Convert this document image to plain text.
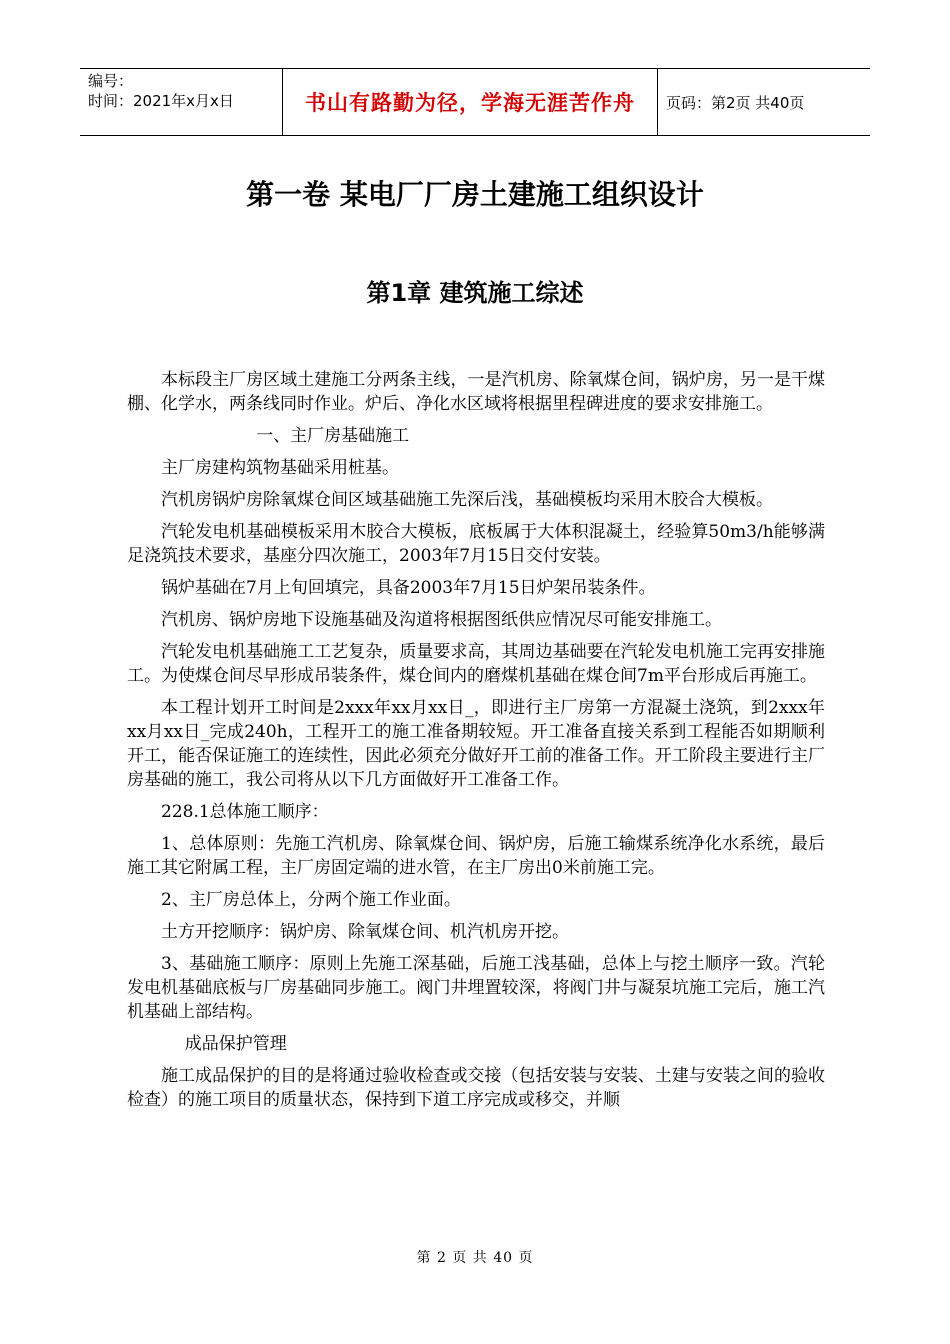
编号：
时间：2021年x月x日	书山有路勤为径，学海无涯苦作舟 页码：第2页 共40页
第一卷 某电厂厂房土建施工组织设计
第1章 建筑施工综述

本标段主厂房区域土建施工分两条主线，一是汽机房、除氧煤仓间，锅炉房，另一是干煤棚、化学水，两条线同时作业。炉后、净化水区域将根据里程碑进度的要求安排施工。

一、主厂房基础施工

主厂房建构筑物基础采用桩基。

汽机房锅炉房除氧煤仓间区域基础施工先深后浅，基础模板均采用木胶合大模板。

汽轮发电机基础模板采用木胶合大模板，底板属于大体积混凝土，经验算50m3/h能够满足浇筑技术要求，基座分四次施工，2003年7月15日交付安装。

锅炉基础在7月上旬回填完，具备2003年7月15日炉架吊装条件。

汽机房、锅炉房地下设施基础及沟道将根据图纸供应情况尽可能安排施工。

汽轮发电机基础施工工艺复杂，质量要求高，其周边基础要在汽轮发电机施工完再安排施工。为使煤仓间尽早形成吊装条件，煤仓间内的磨煤机基础在煤仓间7m平台形成后再施工。

本工程计划开工时间是2xxx年xx月xx日_，即进行主厂房第一方混凝土浇筑，到2xxx年xx月xx日_完成240h，工程开工的施工准备期较短。开工准备直接关系到工程能否如期顺利开工，能否保证施工的连续性，因此必须充分做好开工前的准备工作。开工阶段主要进行主厂房基础的施工，我公司将从以下几方面做好开工准备工作。

228.1总体施工顺序：

1、总体原则：先施工汽机房、除氧煤仓间、锅炉房，后施工输煤系统净化水系统，最后施工其它附属工程，主厂房固定端的进水管，在主厂房出0米前施工完。

2、主厂房总体上，分两个施工作业面。

土方开挖顺序：锅炉房、除氧煤仓间、机汽机房开挖。

3、基础施工顺序：原则上先施工深基础，后施工浅基础，总体上与挖土顺序一致。汽轮发电机基础底板与厂房基础同步施工。阀门井埋置较深，将阀门井与凝泵坑施工完后，施工汽机基础上部结构。

成品保护管理

施工成品保护的目的是将通过验收检查或交接（包括安装与安装、土建与安装之间的验收检查）的施工项目的质量状态，保持到下道工序完成或移交，并顺

第 2 页 共 40 页
